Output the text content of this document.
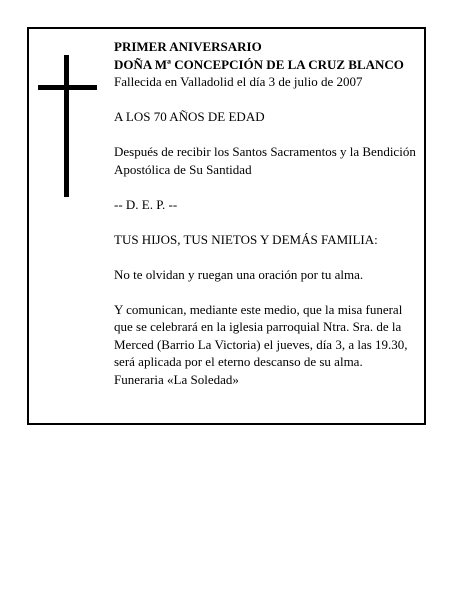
PRIMER ANIVERSARIO

DOÑA Mª CONCEPCIÓN DE LA CRUZ BLANCO

Fallecida en Valladolid el día 3 de julio de 2007

A LOS 70 AÑOS DE EDAD

Después de recibir los Santos Sacramentos y la Bendición Apostólica de Su Santidad

-- D. E. P. --

TUS HIJOS, TUS NIETOS Y DEMÁS FAMILIA:

No te olvidan y ruegan una oración por tu alma.

Y comunican, mediante este medio, que la misa funeral que se celebrará en la iglesia parroquial Ntra. Sra. de la Merced (Barrio La Victoria) el jueves, día 3, a las 19.30, será aplicada por el eterno descanso de su alma.

Funeraria «La Soledad»
